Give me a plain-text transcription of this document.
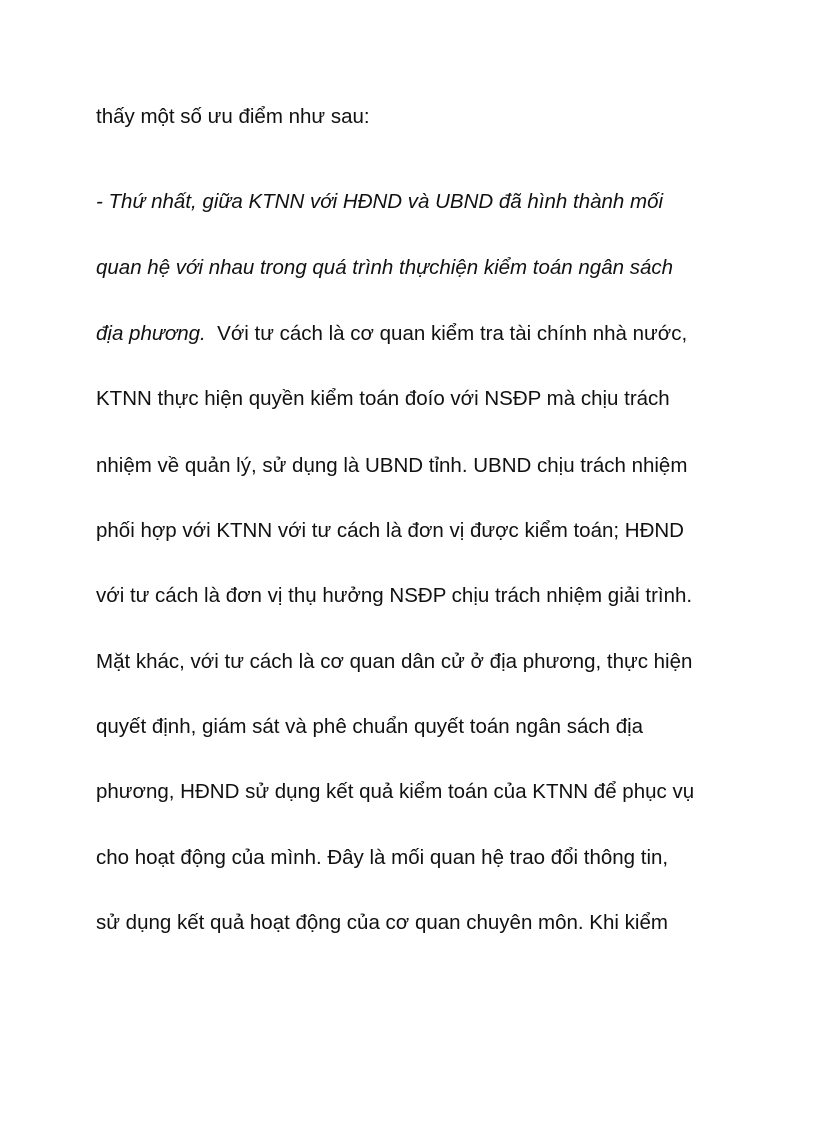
thấy một số ưu điểm như sau:
- Thứ nhất, giữa KTNN với HĐND và UBND đã hình thành mối
quan hệ với nhau trong quá trình thựchiện kiểm toán ngân sách
địa phương.  Với tư cách là cơ quan kiểm tra tài chính nhà nước,
KTNN thực hiện quyền kiểm toán đoío với NSĐP mà chịu trách
nhiệm về quản lý, sử dụng là UBND tỉnh. UBND chịu trách nhiệm
phối hợp với KTNN với tư cách là đơn vị được kiểm toán; HĐND
với tư cách là đơn vị thụ hưởng NSĐP chịu trách nhiệm giải trình.
Mặt khác, với tư cách là cơ quan dân cử ở địa phương, thực hiện
quyết định, giám sát và phê chuẩn quyết toán ngân sách địa
phương, HĐND sử dụng kết quả kiểm toán của KTNN để phục vụ
cho hoạt động của mình. Đây là mối quan hệ trao đổi thông tin,
sử dụng kết quả hoạt động của cơ quan chuyên môn. Khi kiểm
